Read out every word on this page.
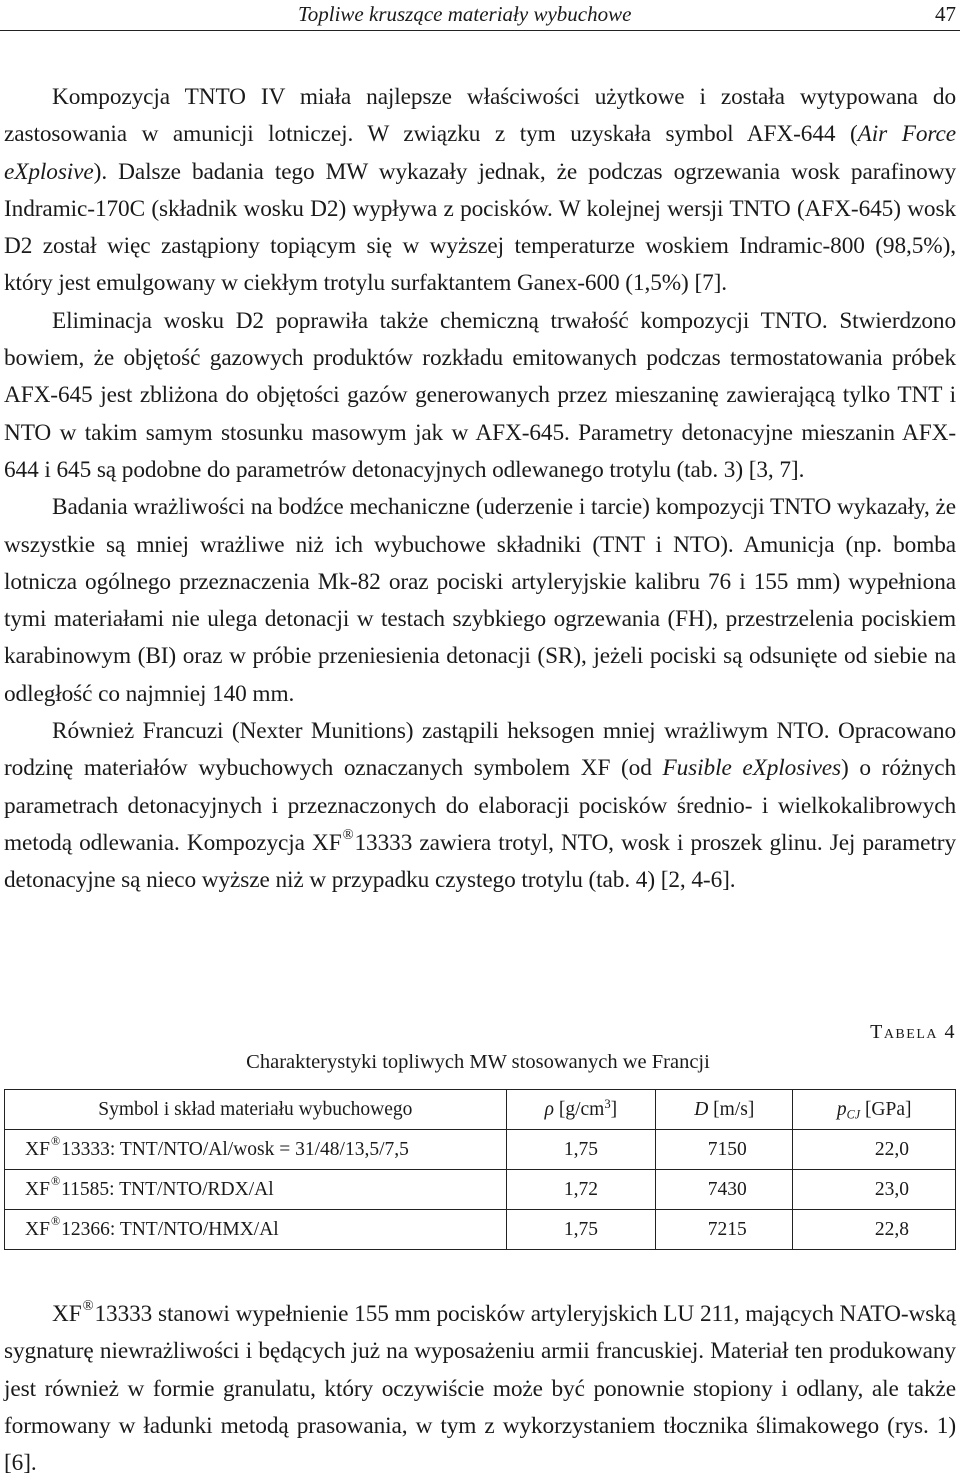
Topliwe kruszące materiały wybuchowe	47

Kompozycja TNTO IV miała najlepsze właściwości użytkowe i została wytypowana do zastosowania w amunicji lotniczej. W związku z tym uzyskała symbol AFX-644 (Air Force eXplosive). Dalsze badania tego MW wykazały jednak, że podczas ogrzewania wosk parafinowy Indramic-170C (składnik wosku D2) wypływa z pocisków. W kolejnej wersji TNTO (AFX-645) wosk D2 został więc zastąpiony topiącym się w wyższej temperaturze woskiem Indramic-800 (98,5%), który jest emulgowany w ciekłym trotylu surfaktantem Ganex-600 (1,5%) [7].

Eliminacja wosku D2 poprawiła także chemiczną trwałość kompozycji TNTO. Stwierdzono bowiem, że objętość gazowych produktów rozkładu emitowanych podczas termostatowania próbek AFX-645 jest zbliżona do objętości gazów generowanych przez mieszaninę zawierającą tylko TNT i NTO w takim samym stosunku masowym jak w AFX-645. Parametry detonacyjne mieszanin AFX-644 i 645 są podobne do parametrów detonacyjnych odlewanego trotylu (tab. 3) [3, 7].

Badania wrażliwości na bodźce mechaniczne (uderzenie i tarcie) kompozycji TNTO wykazały, że wszystkie są mniej wrażliwe niż ich wybuchowe składniki (TNT i NTO). Amunicja (np. bomba lotnicza ogólnego przeznaczenia Mk-82 oraz pociski artyleryjskie kalibru 76 i 155 mm) wypełniona tymi materiałami nie ulega detonacji w testach szybkiego ogrzewania (FH), przestrzelenia pociskiem karabinowym (BI) oraz w próbie przeniesienia detonacji (SR), jeżeli pociski są odsunięte od siebie na odległość co najmniej 140 mm.

Również Francuzi (Nexter Munitions) zastąpili heksogen mniej wrażliwym NTO. Opracowano rodzinę materiałów wybuchowych oznaczanych symbolem XF (od Fusible eXplosives) o różnych parametrach detonacyjnych i przeznaczonych do elaboracji pocisków średnio- i wielkokalibrowych metodą odlewania. Kompozycja XF®13333 zawiera trotyl, NTO, wosk i proszek glinu. Jej parametry detonacyjne są nieco wyższe niż w przypadku czystego trotylu (tab. 4) [2, 4-6].

Tabela 4
Charakterystyki topliwych MW stosowanych we Francji
Symbol i skład materiału wybuchowego	ρ $[g/cm^3]$	D [m/s]	$p_{CJ}$ [GPa]
XF®13333: TNT/NTO/Al/wosk = 31/48/13,5/7,5	1,75	7150	22,0
XF®11585: TNT/NTO/RDX/Al	1,72	7430	23,0
XF®12366: TNT/NTO/HMX/Al	1,75	7215	22,8

XF®13333 stanowi wypełnienie 155 mm pocisków artyleryjskich LU 211, mających NATO-wską sygnaturę niewrażliwości i będących już na wyposażeniu armii francuskiej. Materiał ten produkowany jest również w formie granulatu, który oczywiście może być ponownie stopiony i odlany, ale także formowany w ładunki metodą prasowania, w tym z wykorzystaniem tłocznika ślimakowego (rys. 1) [6].
